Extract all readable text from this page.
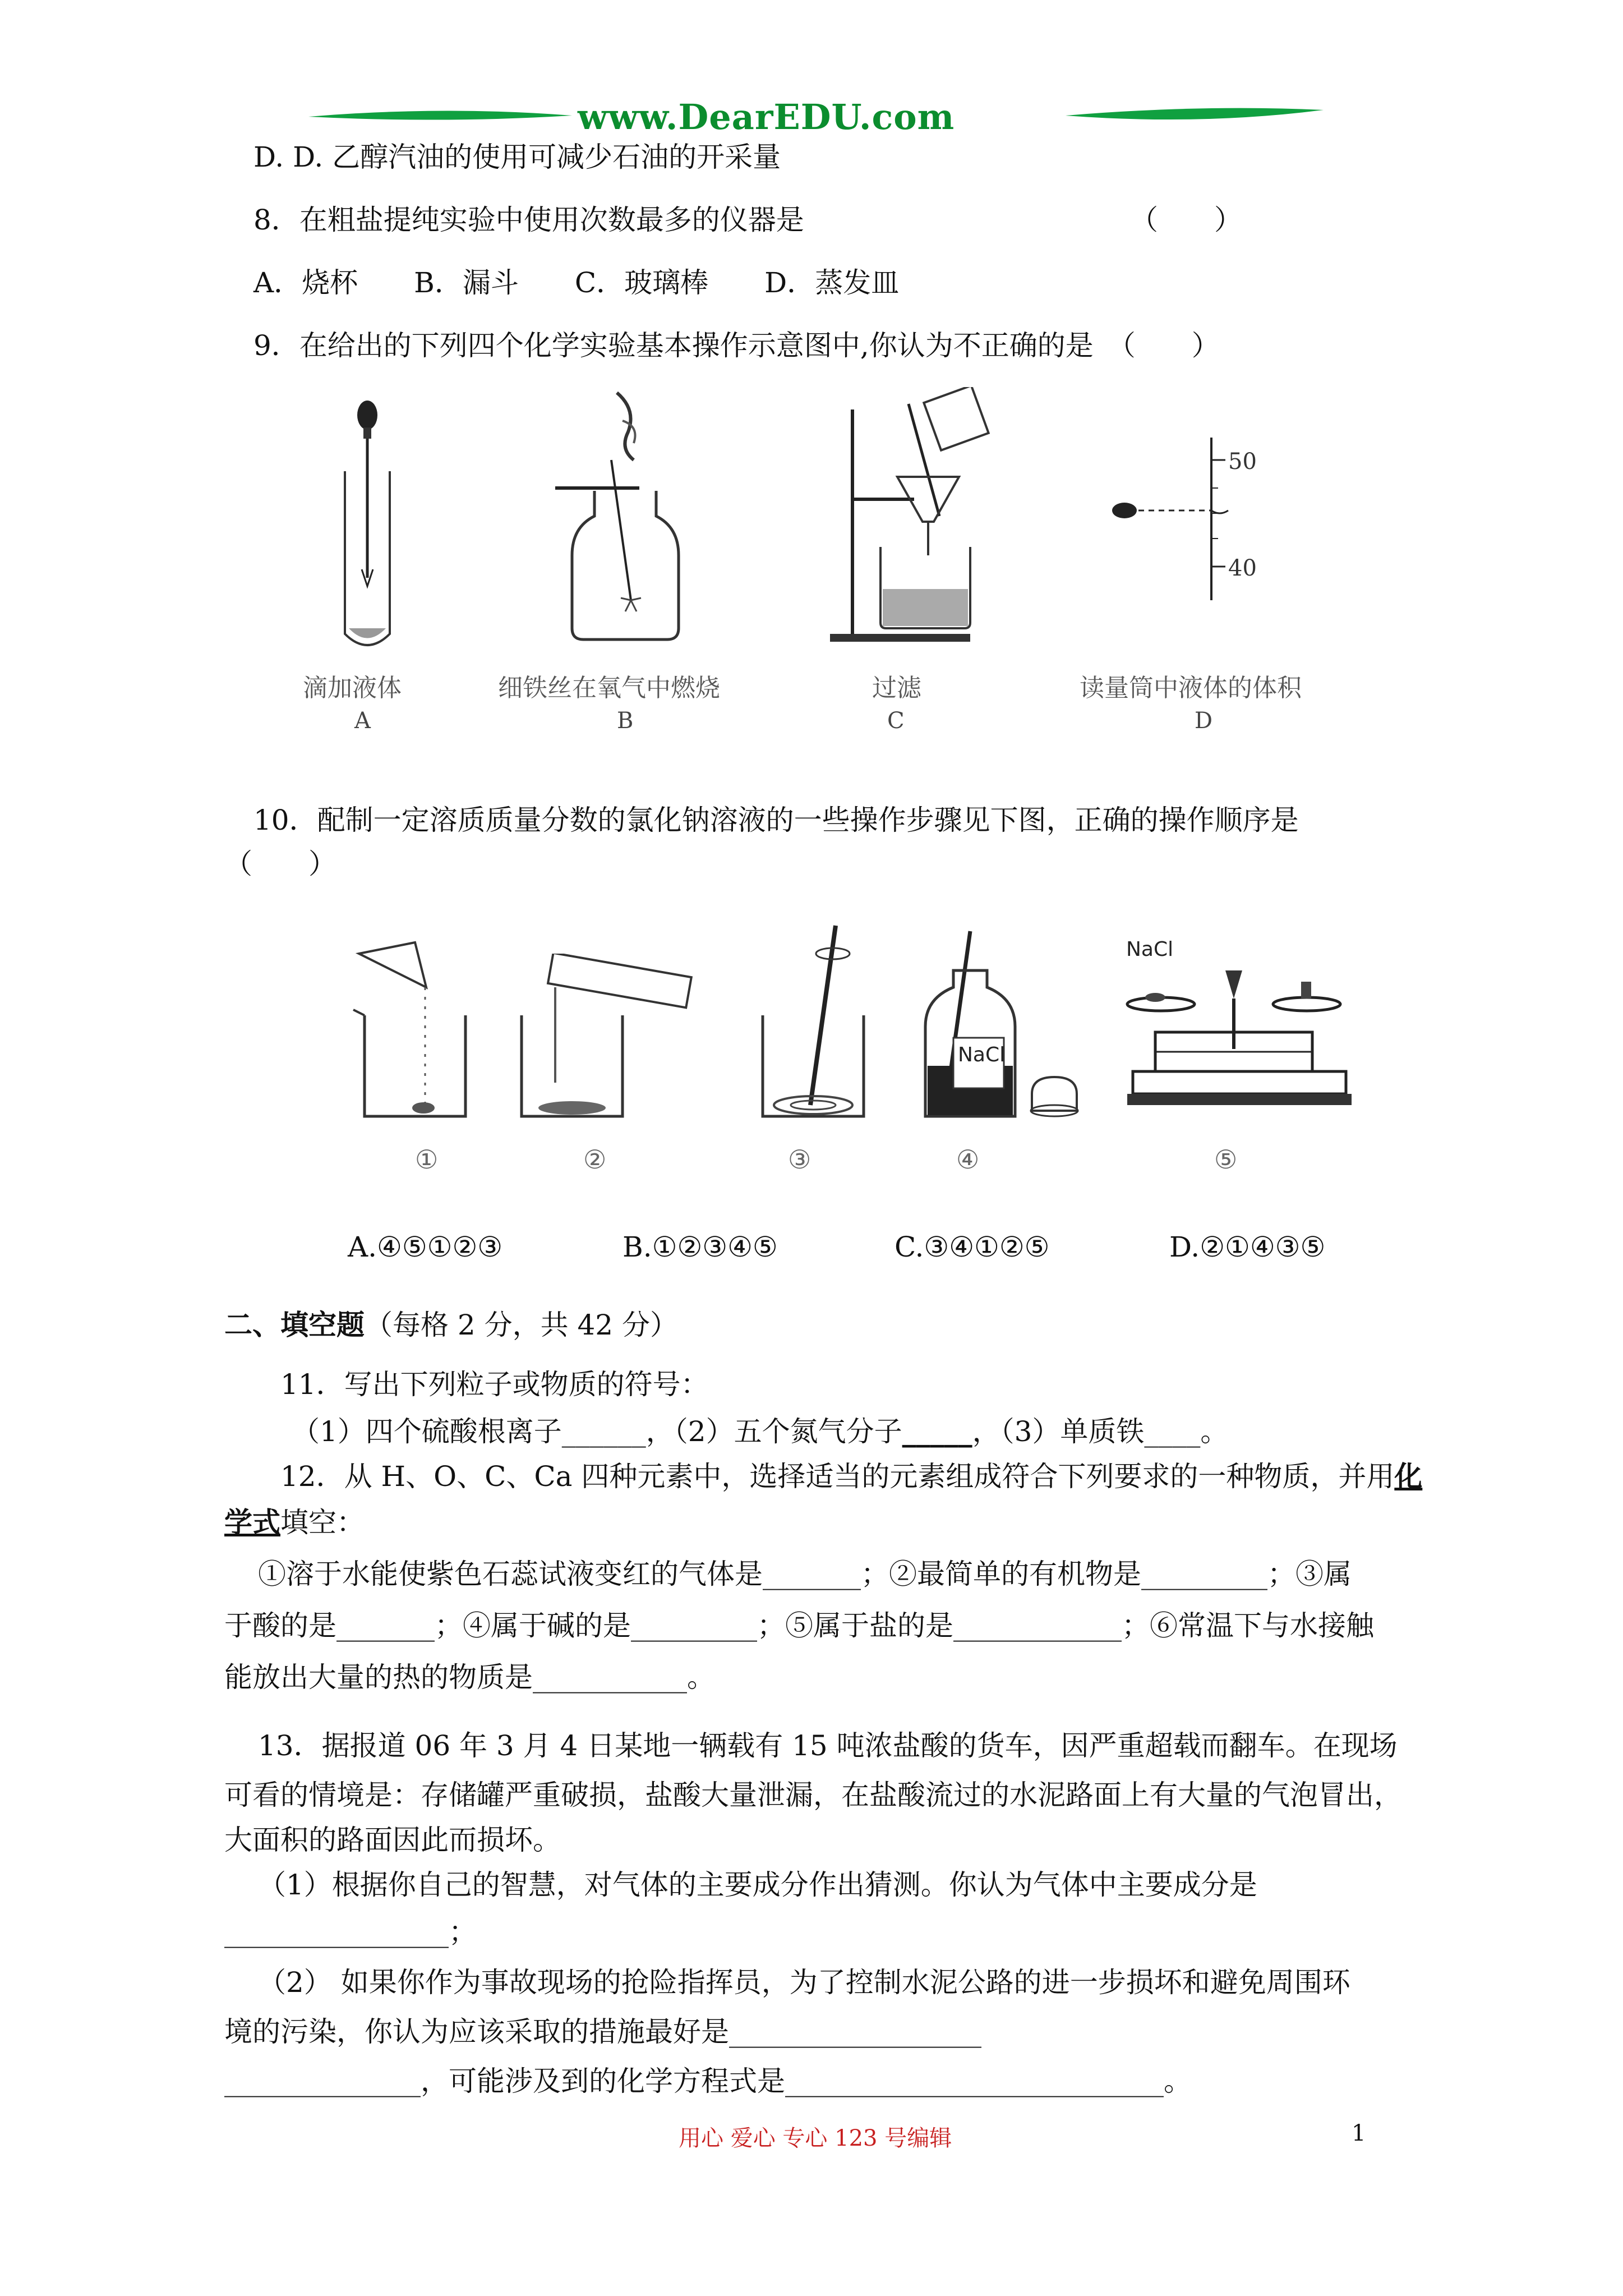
www.DearEDU.com
D. D. 乙醇汽油的使用可减少石油的开采量
8．在粗盐提纯实验中使用次数最多的仪器是	（　　）
A．烧杯　　B．漏斗　　C．玻璃棒　　D．蒸发皿
9．在给出的下列四个化学实验基本操作示意图中,你认为不正确的是　（　　）
滴加液体
A
细铁丝在氧气中燃烧
B
过滤
C
50
40
读量筒中液体的体积
D
10．配制一定溶质质量分数的氯化钠溶液的一些操作步骤见下图，正确的操作顺序是
（　　）
①	②	③
NaCl
④
NaCl
⑤
A.④⑤①②③	B.①②③④⑤	C.③④①②⑤	D.②①④③⑤
二、填空题（每格 2 分，共 42 分）
11．写出下列粒子或物质的符号：
（1）四个硫酸根离子______，（2）五个氮气分子_____，（3）单质铁____。
12．从 H、O、C、Ca 四种元素中，选择适当的元素组成符合下列要求的一种物质，并用化
学式填空：
①溶于水能使紫色石蕊试液变红的气体是_______；②最简单的有机物是_________；③属
于酸的是_______；④属于碱的是_________；⑤属于盐的是____________；⑥常温下与水接触
能放出大量的热的物质是___________。
13．据报道 06 年 3 月 4 日某地一辆载有 15 吨浓盐酸的货车，因严重超载而翻车。在现场
可看的情境是：存储罐严重破损，盐酸大量泄漏，在盐酸流过的水泥路面上有大量的气泡冒出，
大面积的路面因此而损坏。
（1）根据你自己的智慧，对气体的主要成分作出猜测。你认为气体中主要成分是
________________；
（2） 如果你作为事故现场的抢险指挥员，为了控制水泥公路的进一步损坏和避免周围环
境的污染，你认为应该采取的措施最好是__________________
______________，可能涉及到的化学方程式是___________________________。
用心 爱心 专心 123 号编辑	1
